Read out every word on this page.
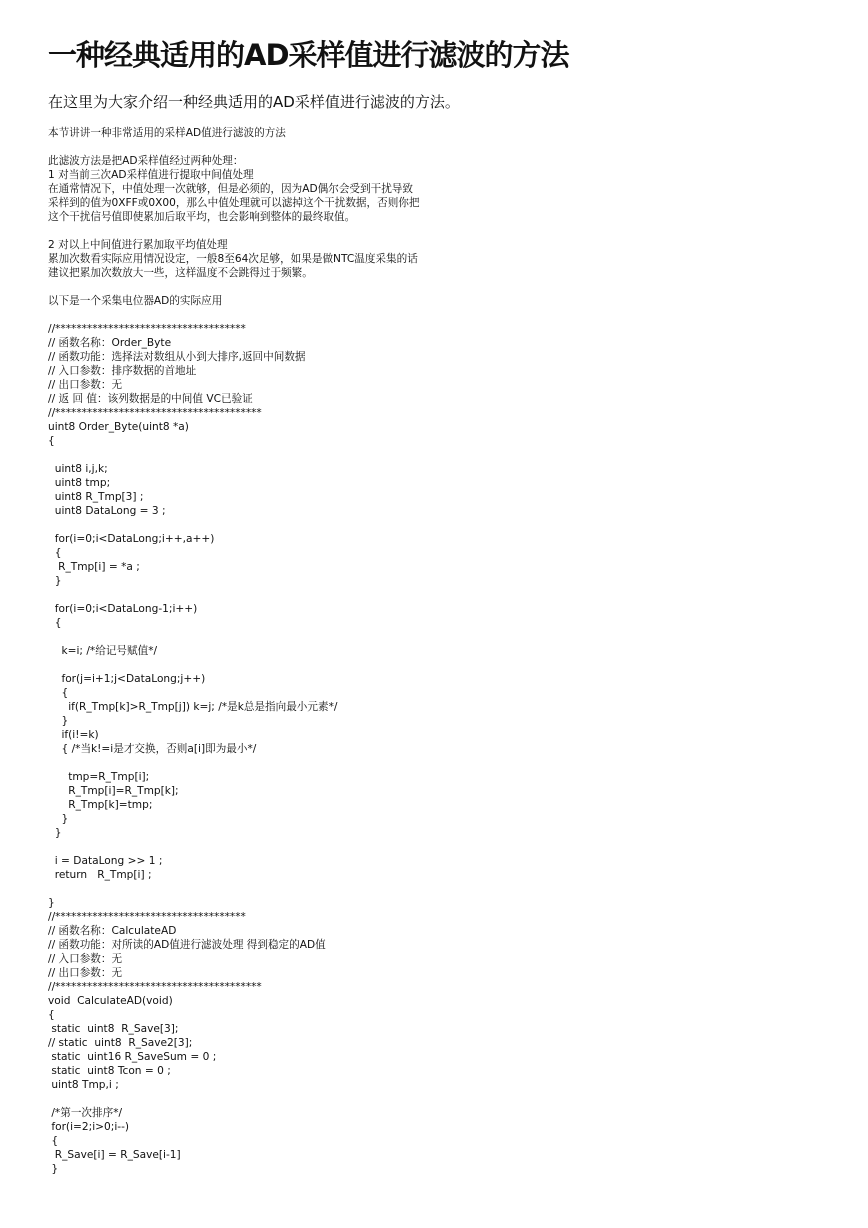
一种经典适用的AD采样值进行滤波的方法
在这里为大家介绍一种经典适用的AD采样值进行滤波的方法。
本节讲讲一种非常适用的采样AD值进行滤波的方法
此滤波方法是把AD采样值经过两种处理：
1 对当前三次AD采样值进行提取中间值处理
在通常情况下，中值处理一次就够，但是必须的，因为AD偶尔会受到干扰导致
采样到的值为0XFF或0X00，那么中值处理就可以滤掉这个干扰数据，否则你把
这个干扰信号值即使累加后取平均，也会影响到整体的最终取值。
2 对以上中间值进行累加取平均值处理
累加次数看实际应用情况设定，一般8至64次足够，如果是做NTC温度采集的话
建议把累加次数放大一些，这样温度不会跳得过于频繁。
以下是一个采集电位器AD的实际应用
//************************************
// 函数名称：Order_Byte
// 函数功能：选择法对数组从小到大排序,返回中间数据
// 入口参数：排序数据的首地址
// 出口参数：无
// 返 回 值：该列数据是的中间值 VC已验证
//***************************************
uint8 Order_Byte(uint8 *a)
{
uint8 i,j,k;
uint8 tmp;
uint8 R_Tmp[3] ;
uint8 DataLong = 3 ;
for(i=0;i<DataLong;i++,a++)
{
R_Tmp[i] = *a ;
}
for(i=0;i<DataLong-1;i++)
{
k=i; /*给记号赋值*/
for(j=i+1;j<DataLong;j++)
{
if(R_Tmp[k]>R_Tmp[j]) k=j; /*是k总是指向最小元素*/
}
if(i!=k)
{ /*当k!=i是才交换，否则a[i]即为最小*/
tmp=R_Tmp[i];
R_Tmp[i]=R_Tmp[k];
R_Tmp[k]=tmp;
}
}
i = DataLong >> 1 ;
return   R_Tmp[i] ;
}
//************************************
// 函数名称：CalculateAD
// 函数功能：对所读的AD值进行滤波处理 得到稳定的AD值
// 入口参数：无
// 出口参数：无
//***************************************
void  CalculateAD(void)
{
static  uint8  R_Save[3];
// static  uint8  R_Save2[3];
static  uint16 R_SaveSum = 0 ;
static  uint8 Tcon = 0 ;
uint8 Tmp,i ;
/*第一次排序*/
for(i=2;i>0;i--)
{
R_Save[i] = R_Save[i-1]
}
